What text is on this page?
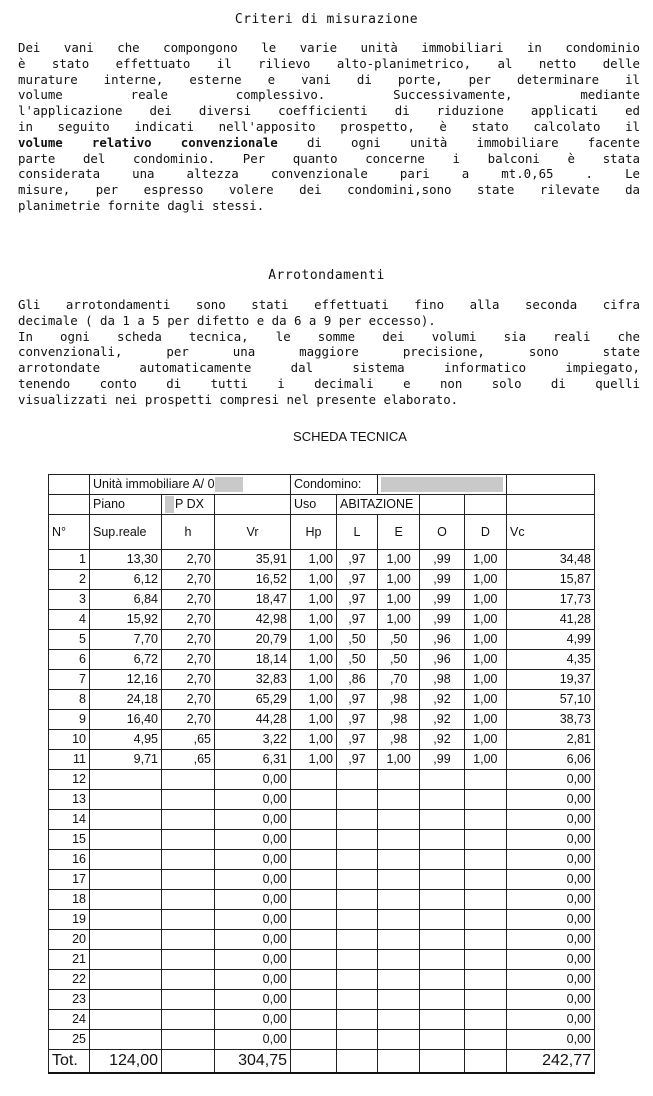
Criteri di misurazione
Dei vani che compongono le varie unità immobiliari in condominio
è stato effettuato il rilievo alto-planimetrico, al netto delle
murature interne, esterne e vani di porte, per determinare il
volume reale complessivo. Successivamente, mediante
l'applicazione dei diversi coefficienti di riduzione applicati ed
in seguito indicati nell'apposito prospetto, è stato calcolato il
volume relativo convenzionale di ogni unità immobiliare facente
parte del condominio. Per quanto concerne i balconi è stata
considerata una altezza convenzionale pari a mt.0,65 . Le
misure, per espresso volere dei condomini,sono state rilevate da
planimetrie fornite dagli stessi.
Arrotondamenti
Gli arrotondamenti sono stati effettuati fino alla seconda cifra
decimale ( da 1 a 5 per difetto e da 6 a 9 per eccesso).
In ogni scheda tecnica, le somme dei volumi sia reali che
convenzionali, per una maggiore precisione, sono state
arrotondate automaticamente dal sistema informatico impiegato,
tenendo conto di tutti i decimali e non solo di quelli
visualizzati nei prospetti compresi nel presente elaborato.
SCHEDA TECNICA
	Unità immobiliare A/ 0			Condomino:					
	Piano	P DX		Uso	ABITAZIONE				
N°	Sup.reale	h	Vr	Hp	L	E	O	D	Vc
1	13,30	2,70	35,91	1,00	,97	1,00	,99	1,00	34,48
2	6,12	2,70	16,52	1,00	,97	1,00	,99	1,00	15,87
3	6,84	2,70	18,47	1,00	,97	1,00	,99	1,00	17,73
4	15,92	2,70	42,98	1,00	,97	1,00	,99	1,00	41,28
5	7,70	2,70	20,79	1,00	,50	,50	,96	1,00	4,99
6	6,72	2,70	18,14	1,00	,50	,50	,96	1,00	4,35
7	12,16	2,70	32,83	1,00	,86	,70	,98	1,00	19,37
8	24,18	2,70	65,29	1,00	,97	,98	,92	1,00	57,10
9	16,40	2,70	44,28	1,00	,97	,98	,92	1,00	38,73
10	4,95	,65	3,22	1,00	,97	,98	,92	1,00	2,81
11	9,71	,65	6,31	1,00	,97	1,00	,99	1,00	6,06
12			0,00						0,00
13			0,00						0,00
14			0,00						0,00
15			0,00						0,00
16			0,00						0,00
17			0,00						0,00
18			0,00						0,00
19			0,00						0,00
20			0,00						0,00
21			0,00						0,00
22			0,00						0,00
23			0,00						0,00
24			0,00						0,00
25			0,00						0,00
Tot.	124,00		304,75						242,77
